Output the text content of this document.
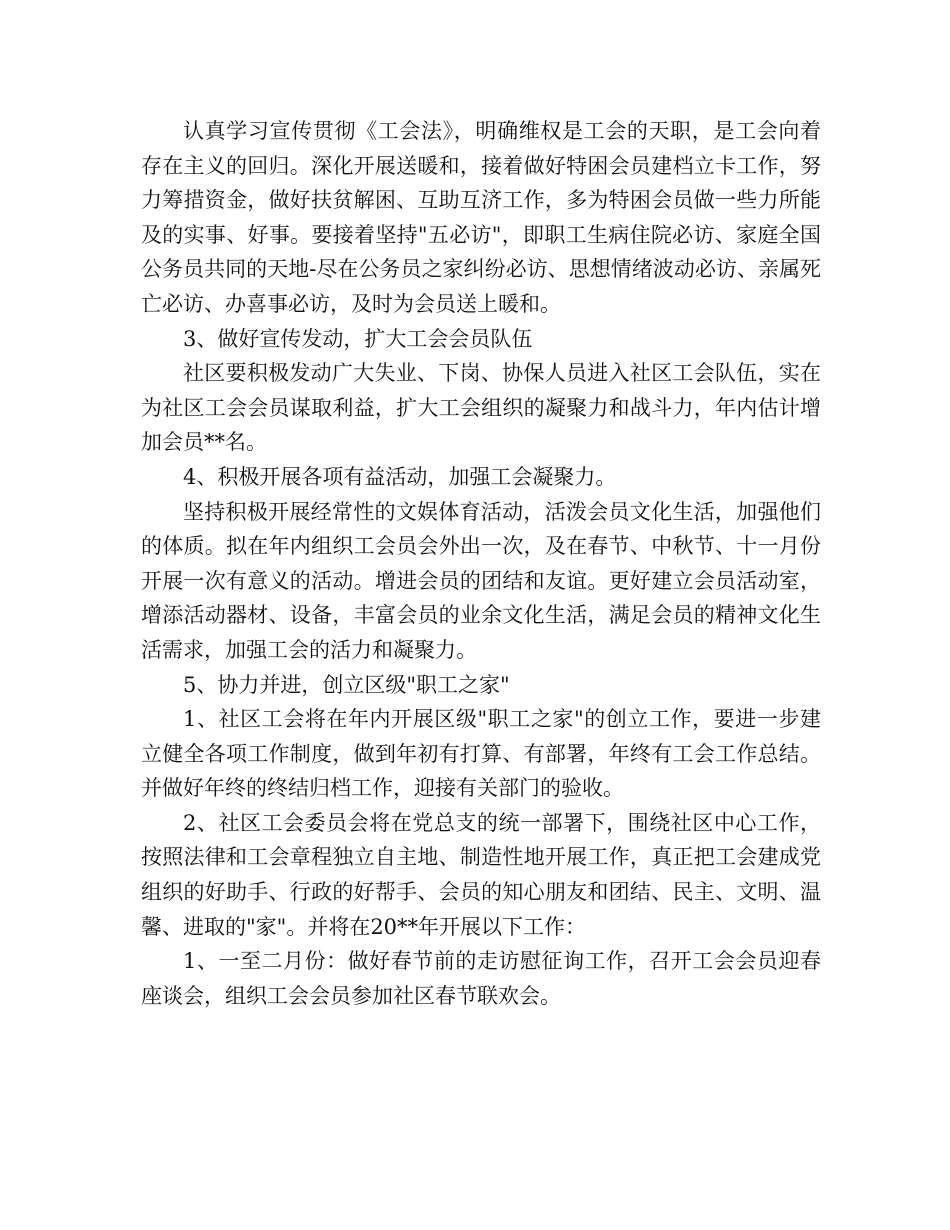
认真学习宣传贯彻《工会法》，明确维权是工会的天职，是工会向着存在主义的回归。深化开展送暖和，接着做好特困会员建档立卡工作，努力筹措资金，做好扶贫解困、互助互济工作，多为特困会员做一些力所能及的实事、好事。要接着坚持"五必访"，即职工生病住院必访、家庭全国公务员共同的天地-尽在公务员之家纠纷必访、思想情绪波动必访、亲属死亡必访、办喜事必访，及时为会员送上暖和。

3、做好宣传发动，扩大工会会员队伍

社区要积极发动广大失业、下岗、协保人员进入社区工会队伍，实在为社区工会会员谋取利益，扩大工会组织的凝聚力和战斗力，年内估计增加会员**名。

4、积极开展各项有益活动，加强工会凝聚力。

坚持积极开展经常性的文娱体育活动，活泼会员文化生活，加强他们的体质。拟在年内组织工会员会外出一次，及在春节、中秋节、十一月份开展一次有意义的活动。增进会员的团结和友谊。更好建立会员活动室，增添活动器材、设备，丰富会员的业余文化生活，满足会员的精神文化生活需求，加强工会的活力和凝聚力。

5、协力并进，创立区级"职工之家"

1、社区工会将在年内开展区级"职工之家"的创立工作，要进一步建立健全各项工作制度，做到年初有打算、有部署，年终有工会工作总结。并做好年终的终结归档工作，迎接有关部门的验收。

2、社区工会委员会将在党总支的统一部署下，围绕社区中心工作，按照法律和工会章程独立自主地、制造性地开展工作，真正把工会建成党组织的好助手、行政的好帮手、会员的知心朋友和团结、民主、文明、温馨、进取的"家"。并将在20**年开展以下工作：

1、一至二月份：做好春节前的走访慰征询工作，召开工会会员迎春座谈会，组织工会会员参加社区春节联欢会。
